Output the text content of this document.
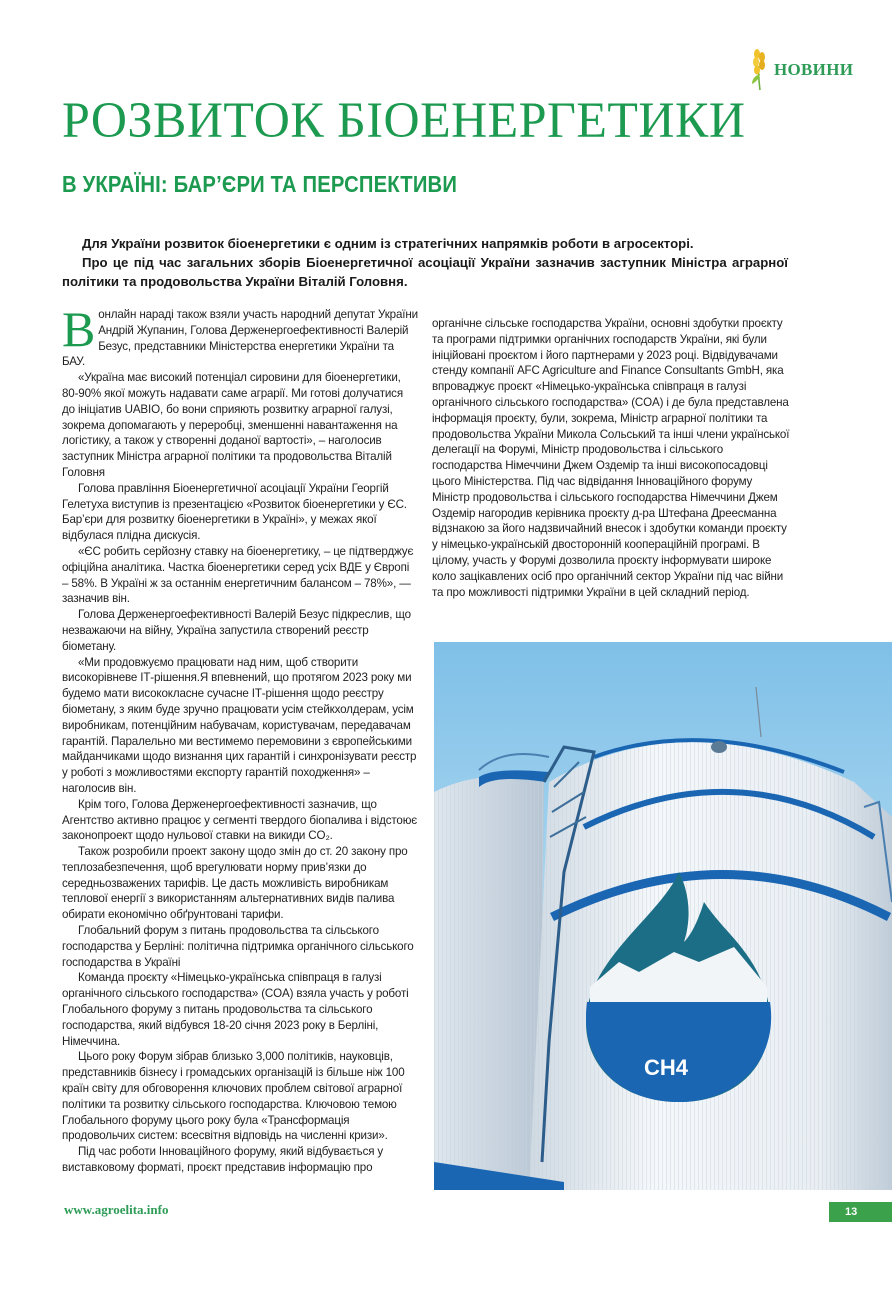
НОВИНИ
РОЗВИТОК БІОЕНЕРГЕТИКИ
В УКРАЇНІ: БАР’ЄРИ ТА ПЕРСПЕКТИВИ

Для України розвиток біоенергетики є одним із стратегічних напрямків роботи в агросекторі.

Про це під час загальних зборів Біоенергетичної асоціації України зазначив заступник Міністра аграрної політики та продовольства України Віталій Головня.

В онлайн нараді також взяли участь народний депутат України Андрій Жупанин, Голова Держенергоефективності Валерій Безус, представники Міністерства енергетики України та БАУ.

«Україна має високий потенціал сировини для біоенергетики, 80-90% якої можуть надавати саме аграрії. Ми готові долучатися до ініціатив UABIO, бо вони сприяють розвитку аграрної галузі, зокрема допомагають у переробці, зменшенні навантаження на логістику, а також у створенні доданої вартості», – наголосив заступник Міністра аграрної політики та продовольства Віталій Головня

Голова правління Біоенергетичної асоціації України Георгій Гелетуха виступив із презентацією «Розвиток біоенергетики у ЄС. Бар’єри для розвитку біоенергетики в Україні», у межах якої відбулася плідна дискусія.

«ЄС робить серйозну ставку на біоенергетику, – це підтверджує офіційна аналітика. Частка біоенергетики серед усіх ВДЕ у Європі – 58%. В Україні ж за останнім енергетичним балансом – 78%», — зазначив він.

Голова Держенергоефективності Валерій Безус підкреслив, що незважаючи на війну, Україна запустила створений реєстр біометану.

«Ми продовжуємо працювати над ним, щоб створити високорівневе ІТ-рішення.Я впевнений, що протягом 2023 року ми будемо мати висококласне сучасне ІТ-рішення щодо реєстру біометану, з яким буде зручно працювати усім стейкхолдерам, усім виробникам, потенційним набувачам, користувачам, передавачам гарантій. Паралельно ми вестимемо перемовини з європейськими майданчиками щодо визнання цих гарантій і синхронізувати реєстр у роботі з можливостями експорту гарантій походження» – наголосив він.

Крім того, Голова Держенергоефективності зазначив, що Агентство активно працює у сегменті твердого біопалива і відстоює законопроект щодо нульової ставки на викиди CO₂.

Також розробили проект закону щодо змін до ст. 20 закону про теплозабезпечення, щоб врегулювати норму прив’язки до середньозважених тарифів. Це дасть можливість виробникам теплової енергії з використанням альтернативних видів палива обирати економічно обґрунтовані тарифи.

Глобальний форум з питань продовольства та сільського господарства у Берліні: політична підтримка органічного сільського господарства в Україні

Команда проєкту «Німецько-українська співпраця в галузі органічного сільського господарства» (COA) взяла участь у роботі Глобального форуму з питань продовольства та сільського господарства, який відбувся 18-20 січня 2023 року в Берліні, Німеччина.

Цього року Форум зібрав близько 3,000 політиків, науковців, представників бізнесу і громадських організацій із більше ніж 100 країн світу для обговорення ключових проблем світової аграрної політики та розвитку сільського господарства. Ключовою темою Глобального форуму цього року була «Трансформація продовольчих систем: всесвітня відповідь на численні кризи».

Під час роботи Інноваційного форуму, який відбувається у виставковому форматі, проєкт представив інформацію про

органічне сільське господарства України, основні здобутки проєкту та програми підтримки органічних господарств України, які були ініційовані проєктом і його партнерами у 2023 році. Відвідувачами стенду компанії AFC Agriculture and Finance Consultants GmbH, яка впроваджує проєкт «Німецько-українська співпраця в галузі органічного сільського господарства» (COA) і де була представлена інформація проєкту, були, зокрема, Міністр аграрної політики та продовольства України Микола Сольський та інші члени української делегації на Форумі, Міністр продовольства і сільського господарства Німеччини Джем Оздемір та інші високопосадовці цього Міністерства. Під час відвідання Інноваційного форуму Міністр продовольства і сільського господарства Німеччини Джем Оздемір нагородив керівника проєкту д-ра Штефана Дреесманна відзнакою за його надзвичайний внесок і здобутки команди проєкту у німецько-українській двосторонній коопераційній програмі. В цілому, участь у Форумі дозволила проєкту інформувати широке коло зацікавлених осіб про органічний сектор України під час війни та про можливості підтримки України в цей складний період.

CH4
www.agroelita.info	13
